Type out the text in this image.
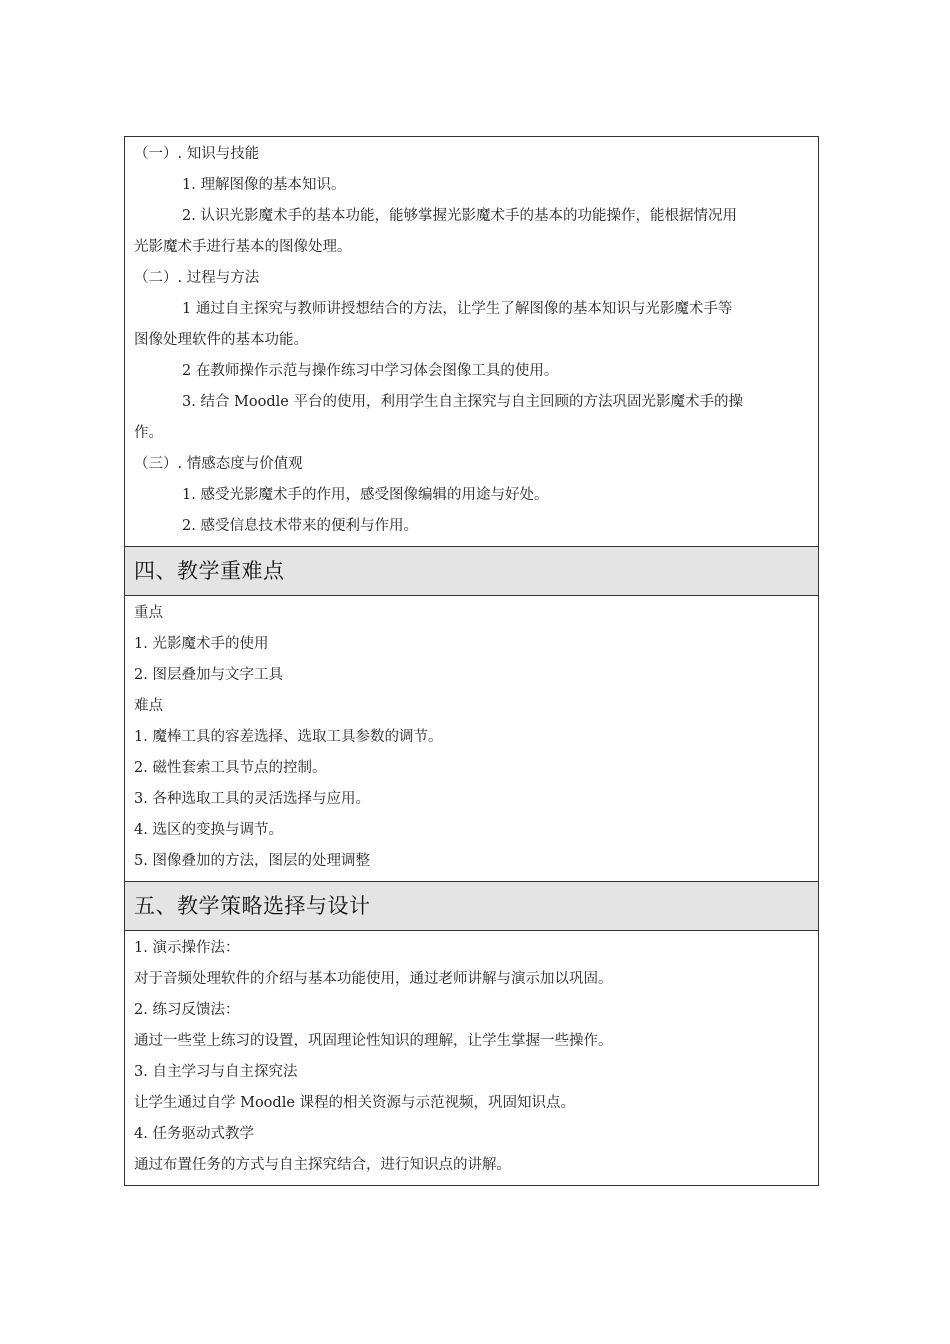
（一）. 知识与技能
1. 理解图像的基本知识。
2. 认识光影魔术手的基本功能，能够掌握光影魔术手的基本的功能操作，能根据情况用
光影魔术手进行基本的图像处理。
（二）. 过程与方法
1 通过自主探究与教师讲授想结合的方法，让学生了解图像的基本知识与光影魔术手等
图像处理软件的基本功能。
2 在教师操作示范与操作练习中学习体会图像工具的使用。
3. 结合 Moodle 平台的使用，利用学生自主探究与自主回顾的方法巩固光影魔术手的操
作。
（三）. 情感态度与价值观
1. 感受光影魔术手的作用，感受图像编辑的用途与好处。
2. 感受信息技术带来的便利与作用。
四、教学重难点
重点
1. 光影魔术手的使用
2. 图层叠加与文字工具
难点
1. 魔棒工具的容差选择、选取工具参数的调节。
2. 磁性套索工具节点的控制。
3. 各种选取工具的灵活选择与应用。
4. 选区的变换与调节。
5. 图像叠加的方法，图层的处理调整
五、教学策略选择与设计
1. 演示操作法：
对于音频处理软件的介绍与基本功能使用，通过老师讲解与演示加以巩固。
2. 练习反馈法：
通过一些堂上练习的设置，巩固理论性知识的理解，让学生掌握一些操作。
3. 自主学习与自主探究法
让学生通过自学 Moodle 课程的相关资源与示范视频，巩固知识点。
4. 任务驱动式教学
通过布置任务的方式与自主探究结合，进行知识点的讲解。
